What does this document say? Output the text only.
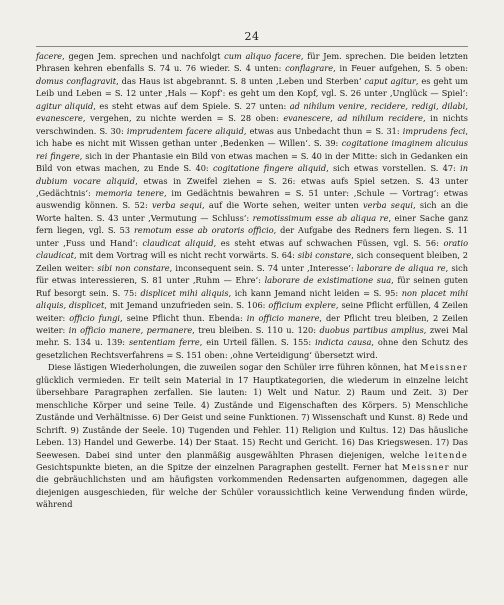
24

facere, gegen Jem. sprechen und nachfolgt cum aliquo facere, für Jem. sprechen. Die beiden letzten Phrasen kehren ebenfalls S. 74 u. 76 wieder. S. 4 unten: conflagrare, in Feuer aufgehen, S. 5 oben: domus conflagravit, das Haus ist abgebrannt. S. 8 unten ‚Leben und Sterben‘ caput agitur, es geht um Leib und Leben = S. 12 unter ‚Hals — Kopf‘: es geht um den Kopf, vgl. S. 26 unter ‚Unglück — Spiel‘: agitur aliquid, es steht etwas auf dem Spiele. S. 27 unten: ad nihilum venire, recidere, redigi, dilabi, evanescere, vergehen, zu nichte werden = S. 28 oben: evanescere, ad nihilum recidere, in nichts verschwinden. S. 30: imprudentem facere aliquid, etwas aus Unbedacht thun = S. 31: imprudens feci, ich habe es nicht mit Wissen gethan unter ‚Bedenken — Willen‘. S. 39: cogitatione imaginem alicuius rei fingere, sich in der Phantasie ein Bild von etwas machen = S. 40 in der Mitte: sich in Gedanken ein Bild von etwas machen, zu Ende S. 40: cogitatione fingere aliquid, sich etwas vorstellen. S. 47: in dubium vocare aliquid, etwas in Zweifel ziehen = S. 26: etwas aufs Spiel setzen. S. 43 unter ‚Gedächtnis‘: memoria tenere, im Gedächtnis bewahren = S. 51 unter: ‚Schule — Vortrag‘: etwas auswendig können. S. 52: verba sequi, auf die Worte sehen, weiter unten verba sequi, sich an die Worte halten. S. 43 unter ‚Vermutung — Schluss‘: remotissimum esse ab aliqua re, einer Sache ganz fern liegen, vgl. S. 53 remotum esse ab oratoris officio, der Aufgabe des Redners fern liegen. S. 11 unter ‚Fuss und Hand‘: claudicat aliquid, es steht etwas auf schwachen Füssen, vgl. S. 56: oratio claudicat, mit dem Vortrag will es nicht recht vorwärts. S. 64: sibi constare, sich consequent bleiben, 2 Zeilen weiter: sibi non constare, inconsequent sein. S. 74 unter ‚Interesse‘: laborare de aliqua re, sich für etwas interessieren, S. 81 unter ‚Ruhm — Ehre‘: laborare de existimatione sua, für seinen guten Ruf besorgt sein. S. 75: displicet mihi aliquis, ich kann Jemand nicht leiden = S. 95: non placet mihi aliquis, displicet, mit Jemand unzufrieden sein. S. 106: officium explere, seine Pflicht erfüllen, 4 Zeilen weiter: officio fungi, seine Pflicht thun. Ebenda: in officio manere, der Pflicht treu bleiben, 2 Zeilen weiter: in officio manere, permanere, treu bleiben. S. 110 u. 120: duobus partibus amplius, zwei Mal mehr. S. 134 u. 139: sententiam ferre, ein Urteil fällen. S. 155: indicta causa, ohne den Schutz des gesetzlichen Rechtsverfahrens = S. 151 oben: ‚ohne Verteidigung‘ übersetzt wird.

Diese lästigen Wiederholungen, die zuweilen sogar den Schüler irre führen können, hat Meissner glücklich vermieden. Er teilt sein Material in 17 Hauptkategorien, die wiederum in einzelne leicht übersehbare Paragraphen zerfallen. Sie lauten: 1) Welt und Natur. 2) Raum und Zeit. 3) Der menschliche Körper und seine Teile. 4) Zustände und Eigenschaften des Körpers. 5) Menschliche Zustände und Verhältnisse. 6) Der Geist und seine Funktionen. 7) Wissenschaft und Kunst. 8) Rede und Schrift. 9) Zustände der Seele. 10) Tugenden und Fehler. 11) Religion und Kultus. 12) Das häusliche Leben. 13) Handel und Gewerbe. 14) Der Staat. 15) Recht und Gericht. 16) Das Kriegswesen. 17) Das Seewesen. Dabei sind unter den planmäßig ausgewählten Phrasen diejenigen, welche leitende Gesichtspunkte bieten, an die Spitze der einzelnen Paragraphen gestellt. Ferner hat Meissner nur die gebräuchlichsten und am häufigsten vorkommenden Redensarten aufgenommen, dagegen alle diejenigen ausgeschieden, für welche der Schüler voraussichtlich keine Verwendung finden würde, während
